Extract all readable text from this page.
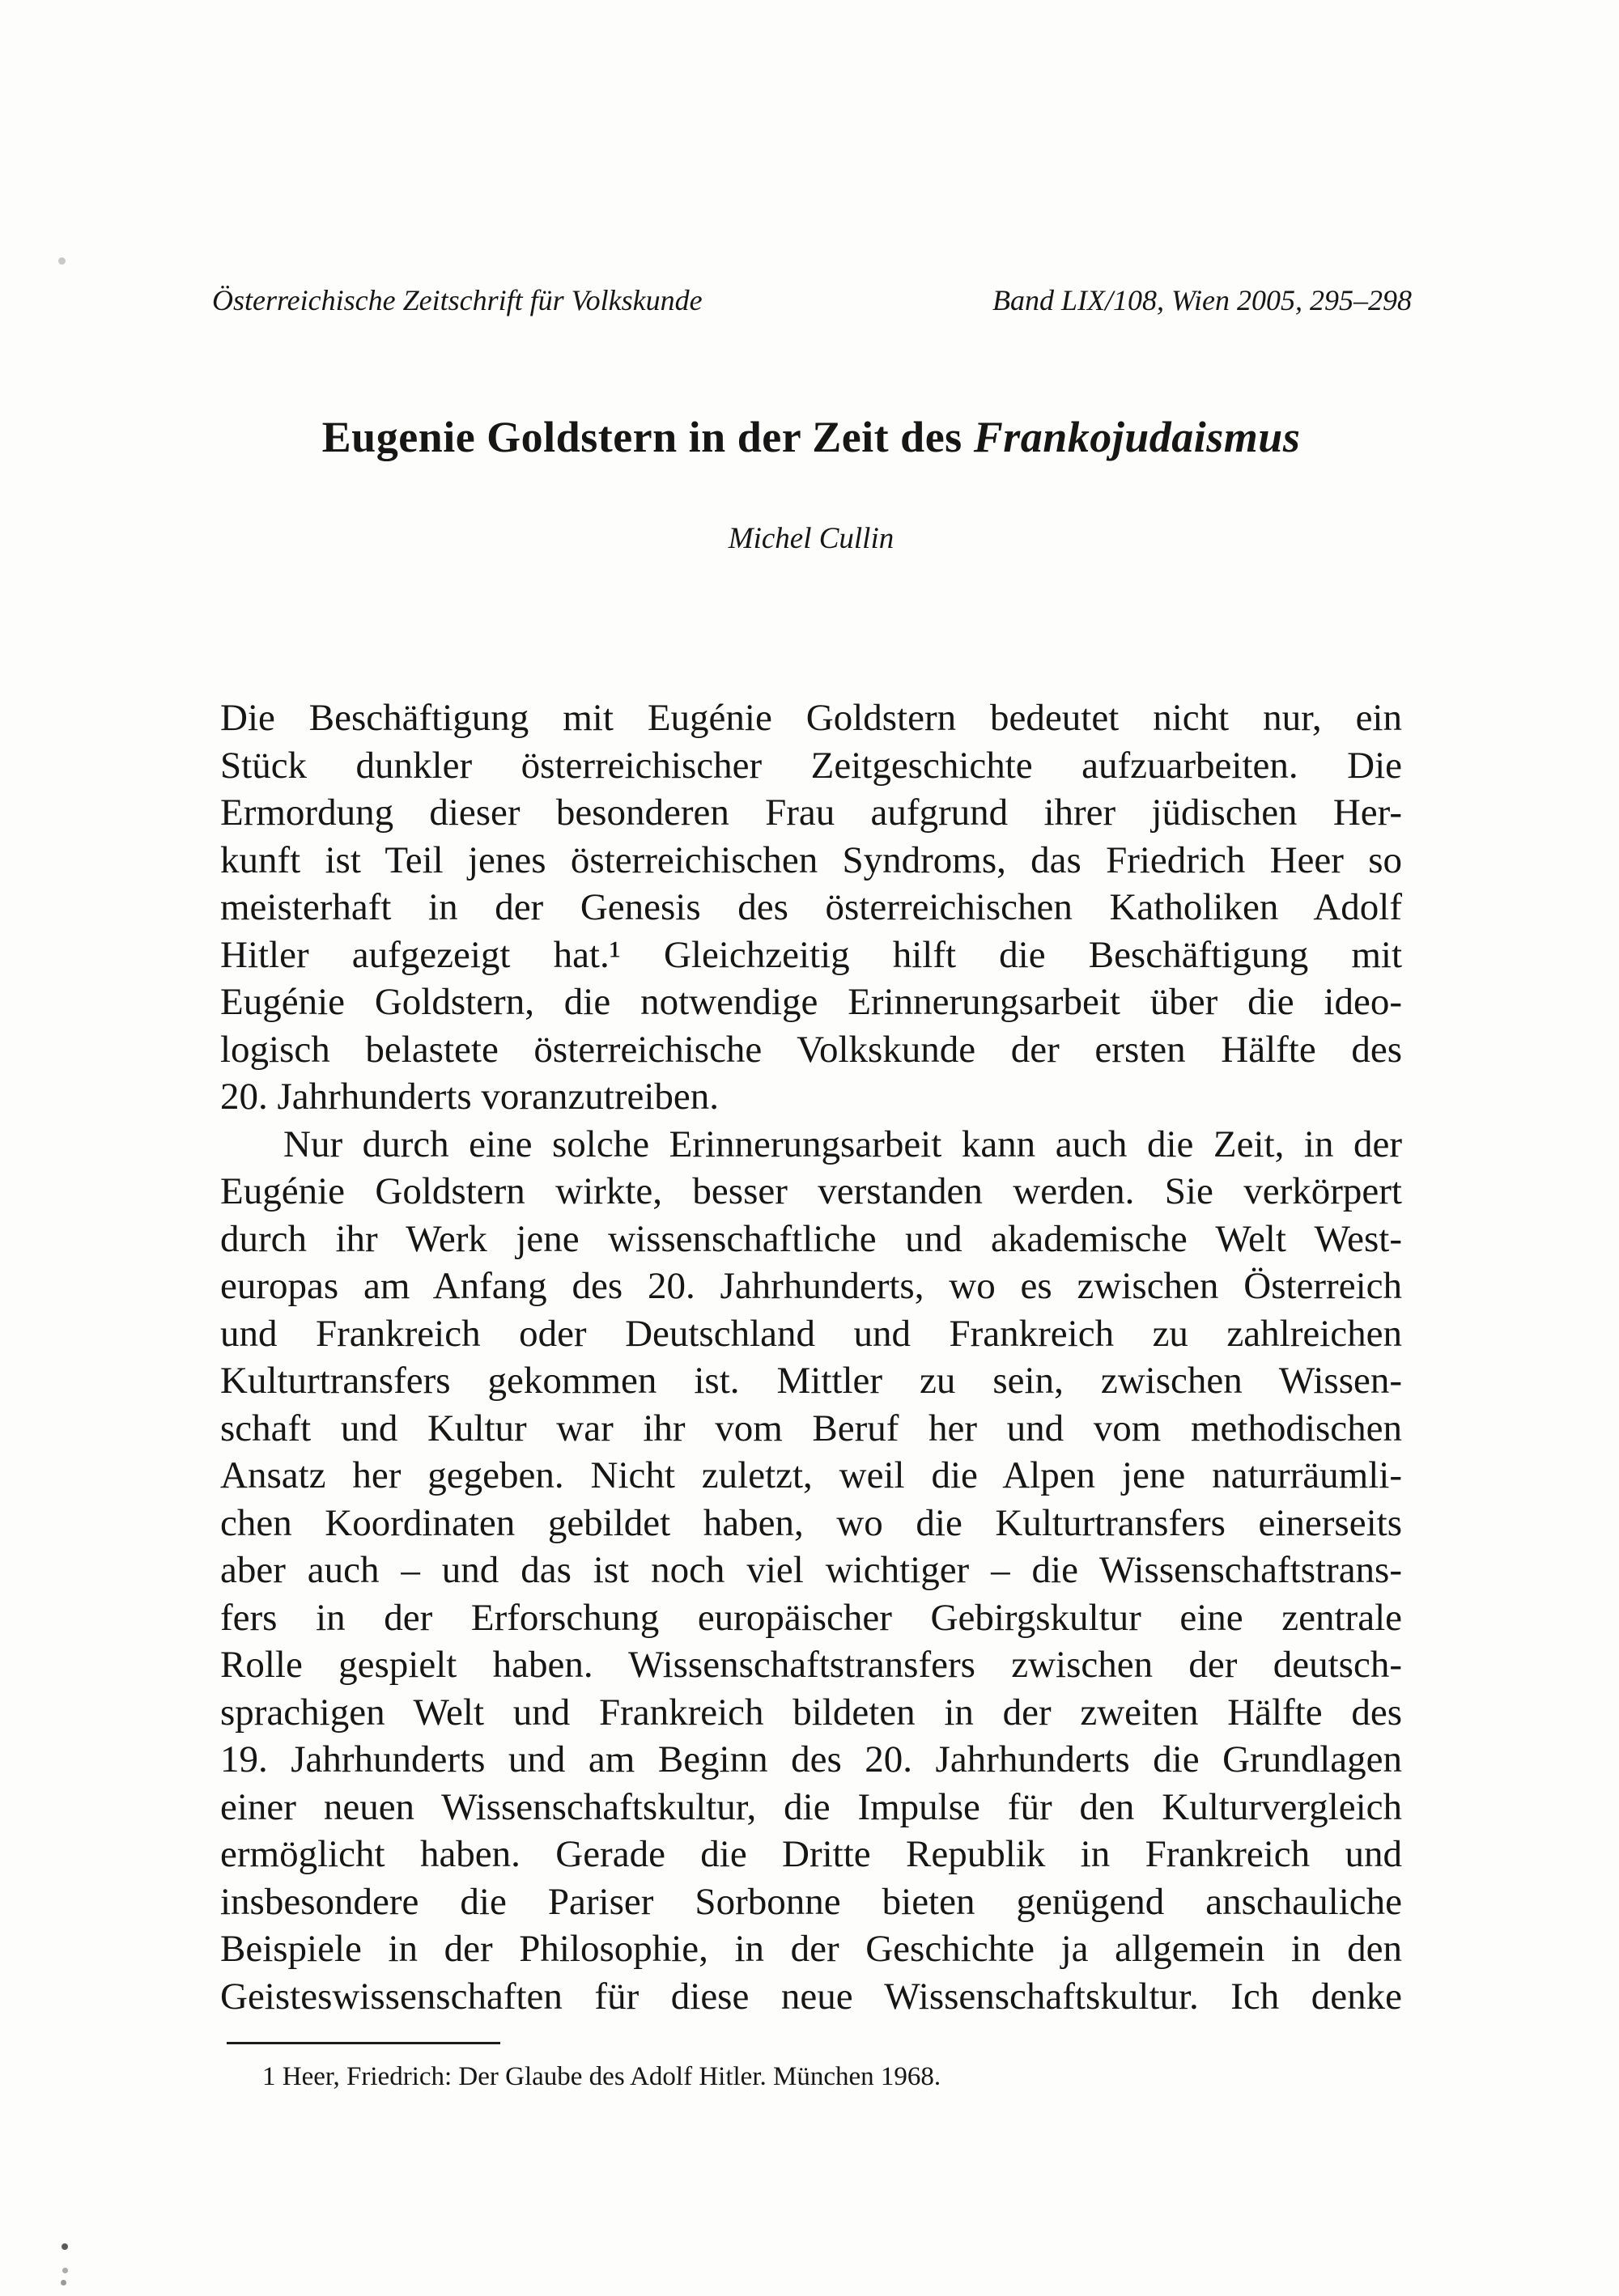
Österreichische Zeitschrift für Volkskunde	Band LIX/108, Wien 2005, 295–298
Eugenie Goldstern in der Zeit des Frankojudaismus
Michel Cullin
Die Beschäftigung mit Eugénie Goldstern bedeutet nicht nur, ein
Stück dunkler österreichischer Zeitgeschichte aufzuarbeiten. Die
Ermordung dieser besonderen Frau aufgrund ihrer jüdischen Her-
kunft ist Teil jenes österreichischen Syndroms, das Friedrich Heer so
meisterhaft in der Genesis des österreichischen Katholiken Adolf
Hitler aufgezeigt hat.¹ Gleichzeitig hilft die Beschäftigung mit
Eugénie Goldstern, die notwendige Erinnerungsarbeit über die ideo-
logisch belastete österreichische Volkskunde der ersten Hälfte des
20. Jahrhunderts voranzutreiben.
Nur durch eine solche Erinnerungsarbeit kann auch die Zeit, in der
Eugénie Goldstern wirkte, besser verstanden werden. Sie verkörpert
durch ihr Werk jene wissenschaftliche und akademische Welt West-
europas am Anfang des 20. Jahrhunderts, wo es zwischen Österreich
und Frankreich oder Deutschland und Frankreich zu zahlreichen
Kulturtransfers gekommen ist. Mittler zu sein, zwischen Wissen-
schaft und Kultur war ihr vom Beruf her und vom methodischen
Ansatz her gegeben. Nicht zuletzt, weil die Alpen jene naturräumli-
chen Koordinaten gebildet haben, wo die Kulturtransfers einerseits
aber auch – und das ist noch viel wichtiger – die Wissenschaftstrans-
fers in der Erforschung europäischer Gebirgskultur eine zentrale
Rolle gespielt haben. Wissenschaftstransfers zwischen der deutsch-
sprachigen Welt und Frankreich bildeten in der zweiten Hälfte des
19. Jahrhunderts und am Beginn des 20. Jahrhunderts die Grundlagen
einer neuen Wissenschaftskultur, die Impulse für den Kulturvergleich
ermöglicht haben. Gerade die Dritte Republik in Frankreich und
insbesondere die Pariser Sorbonne bieten genügend anschauliche
Beispiele in der Philosophie, in der Geschichte ja allgemein in den
Geisteswissenschaften für diese neue Wissenschaftskultur. Ich denke
1 Heer, Friedrich: Der Glaube des Adolf Hitler. München 1968.
